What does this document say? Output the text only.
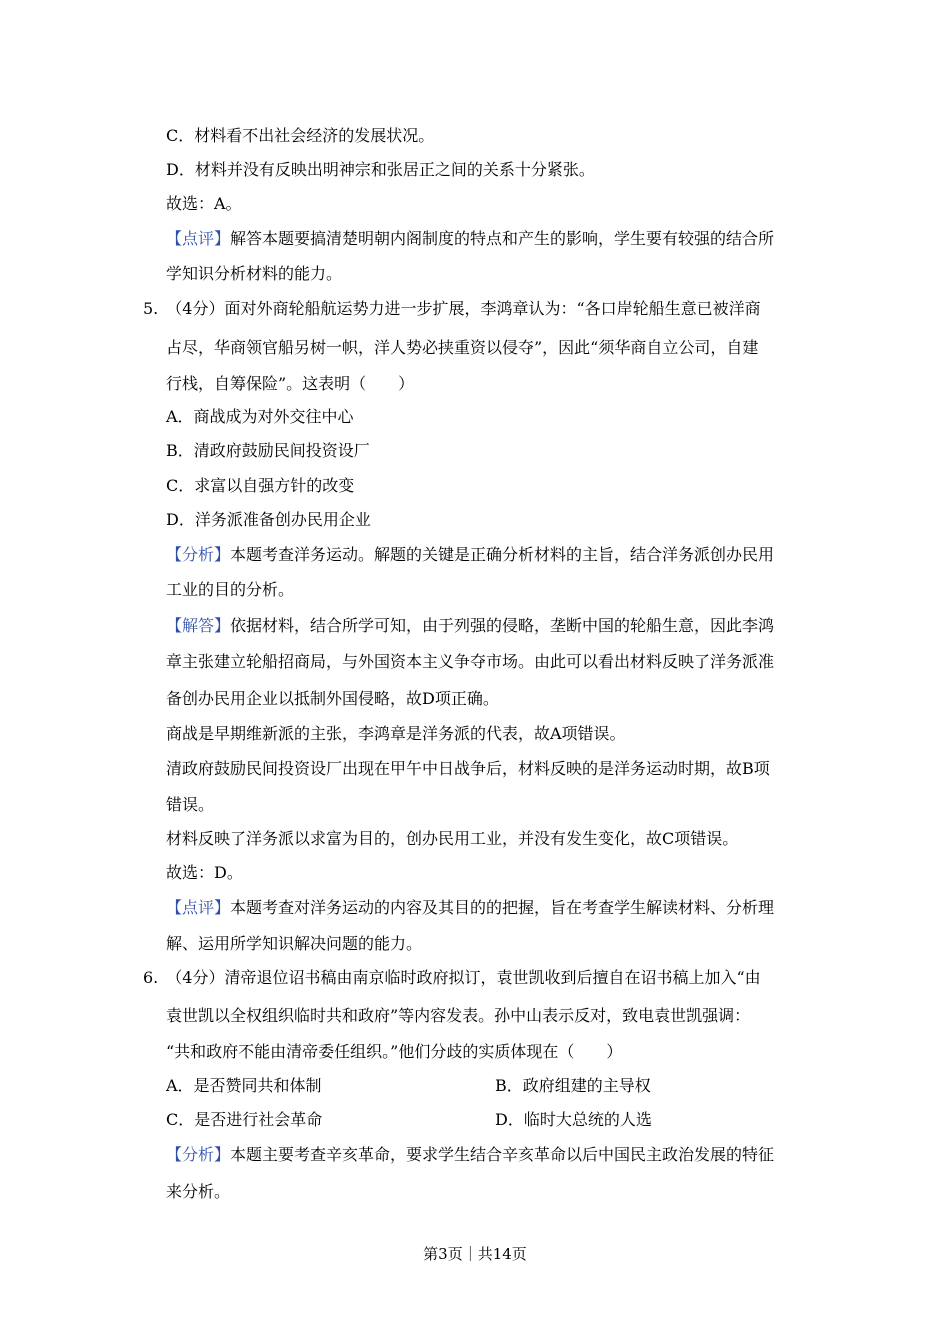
C．材料看不出社会经济的发展状况。
D．材料并没有反映出明神宗和张居正之间的关系十分紧张。
故选：A。
【点评】解答本题要搞清楚明朝内阁制度的特点和产生的影响，学生要有较强的结合所
学知识分析材料的能力。
5. （4分）面对外商轮船航运势力进一步扩展，李鸿章认为：“各口岸轮船生意已被洋商
占尽，华商领官船另树一帜，洋人势必挟重资以侵夺”，因此“须华商自立公司，自建
行栈，自筹保险”。这表明（　　）
A．商战成为对外交往中心
B．清政府鼓励民间投资设厂
C．求富以自强方针的改变
D．洋务派准备创办民用企业
【分析】本题考查洋务运动。解题的关键是正确分析材料的主旨，结合洋务派创办民用
工业的目的分析。
【解答】依据材料，结合所学可知，由于列强的侵略，垄断中国的轮船生意，因此李鸿
章主张建立轮船招商局，与外国资本主义争夺市场。由此可以看出材料反映了洋务派准
备创办民用企业以抵制外国侵略，故D项正确。
商战是早期维新派的主张，李鸿章是洋务派的代表，故A项错误。
清政府鼓励民间投资设厂出现在甲午中日战争后，材料反映的是洋务运动时期，故B项
错误。
材料反映了洋务派以求富为目的，创办民用工业，并没有发生变化，故C项错误。
故选：D。
【点评】本题考查对洋务运动的内容及其目的的把握，旨在考查学生解读材料、分析理
解、运用所学知识解决问题的能力。
6. （4分）清帝退位诏书稿由南京临时政府拟订，袁世凯收到后擅自在诏书稿上加入“由
袁世凯以全权组织临时共和政府”等内容发表。孙中山表示反对，致电袁世凯强调：
“共和政府不能由清帝委任组织。”他们分歧的实质体现在（　　）
A．是否赞同共和体制	B．政府组建的主导权
C．是否进行社会革命	D．临时大总统的人选
【分析】本题主要考查辛亥革命，要求学生结合辛亥革命以后中国民主政治发展的特征
来分析。
第3页｜共14页
